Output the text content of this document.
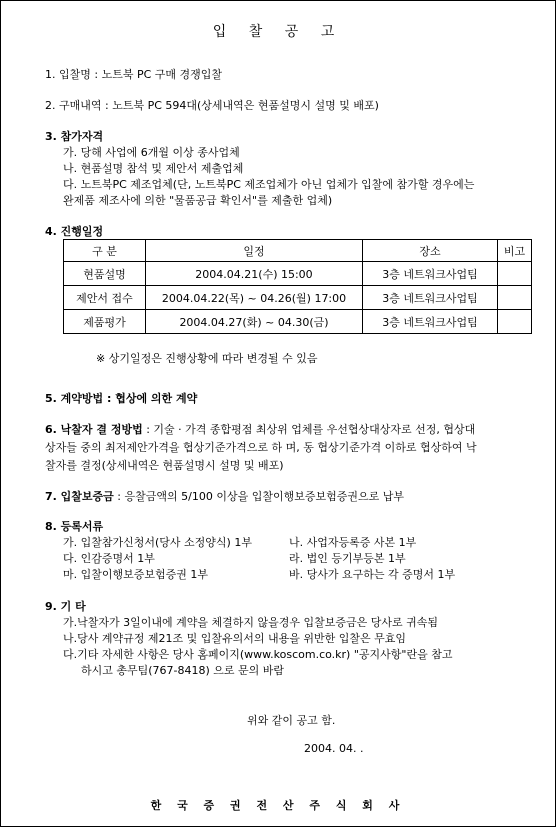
입 찰 공 고
1. 입찰명 : 노트북 PC 구매 경쟁입찰
2. 구매내역 : 노트북 PC 594대(상세내역은 현품설명시 설명 및 배포)
3. 참가자격
가. 당해 사업에 6개월 이상 종사업체
나. 현품설명 참석 및 제안서 제출업체
다. 노트북PC 제조업체(단, 노트북PC 제조업체가 아닌 업체가 입찰에 참가할 경우에는
완제품 제조사에 의한 "물품공급 확인서"를 제출한 업체)
4. 진행일정
구 분	일정	장소	비고
현품설명	2004.04.21(수) 15:00	3층 네트워크사업팀	
제안서 접수	2004.04.22(목) ~ 04.26(월) 17:00	3층 네트워크사업팀	
제품평가	2004.04.27(화) ~ 04.30(금)	3층 네트워크사업팀	
※ 상기일정은 진행상황에 따라 변경될 수 있음
5. 계약방법 : 협상에 의한 계약
6. 낙찰자 결 정방법 : 기술 · 가격 종합평점 최상위 업체를 우선협상대상자로 선정, 협상대
상자들 중의 최저제안가격을 협상기준가격으로 하 며, 동 협상기준가격 이하로 협상하여 낙
찰자를 결정(상세내역은 현품설명시 설명 및 배포)
7. 입찰보증금 : 응찰금액의 5/100 이상을 입찰이행보증보험증권으로 납부
8. 등록서류
가. 입찰참가신청서(당사 소정양식) 1부	나. 사업자등록증 사본 1부
다. 인감증명서 1부	라. 법인 등기부등본 1부
마. 입찰이행보증보험증권 1부	바. 당사가 요구하는 각 증명서 1부
9. 기 타
가.낙찰자가 3일이내에 계약을 체결하지 않을경우 입찰보증금은 당사로 귀속됨
나.당사 계약규정 제21조 및 입찰유의서의 내용을 위반한 입찰은 무효임
다.기타 자세한 사항은 당사 홈페이지(www.koscom.co.kr) "공지사항"란을 참고
하시고 총무팀(767-8418) 으로 문의 바람
위와 같이 공고 함.
2004. 04. .
한 국 증 권 전 산 주 식 회 사
